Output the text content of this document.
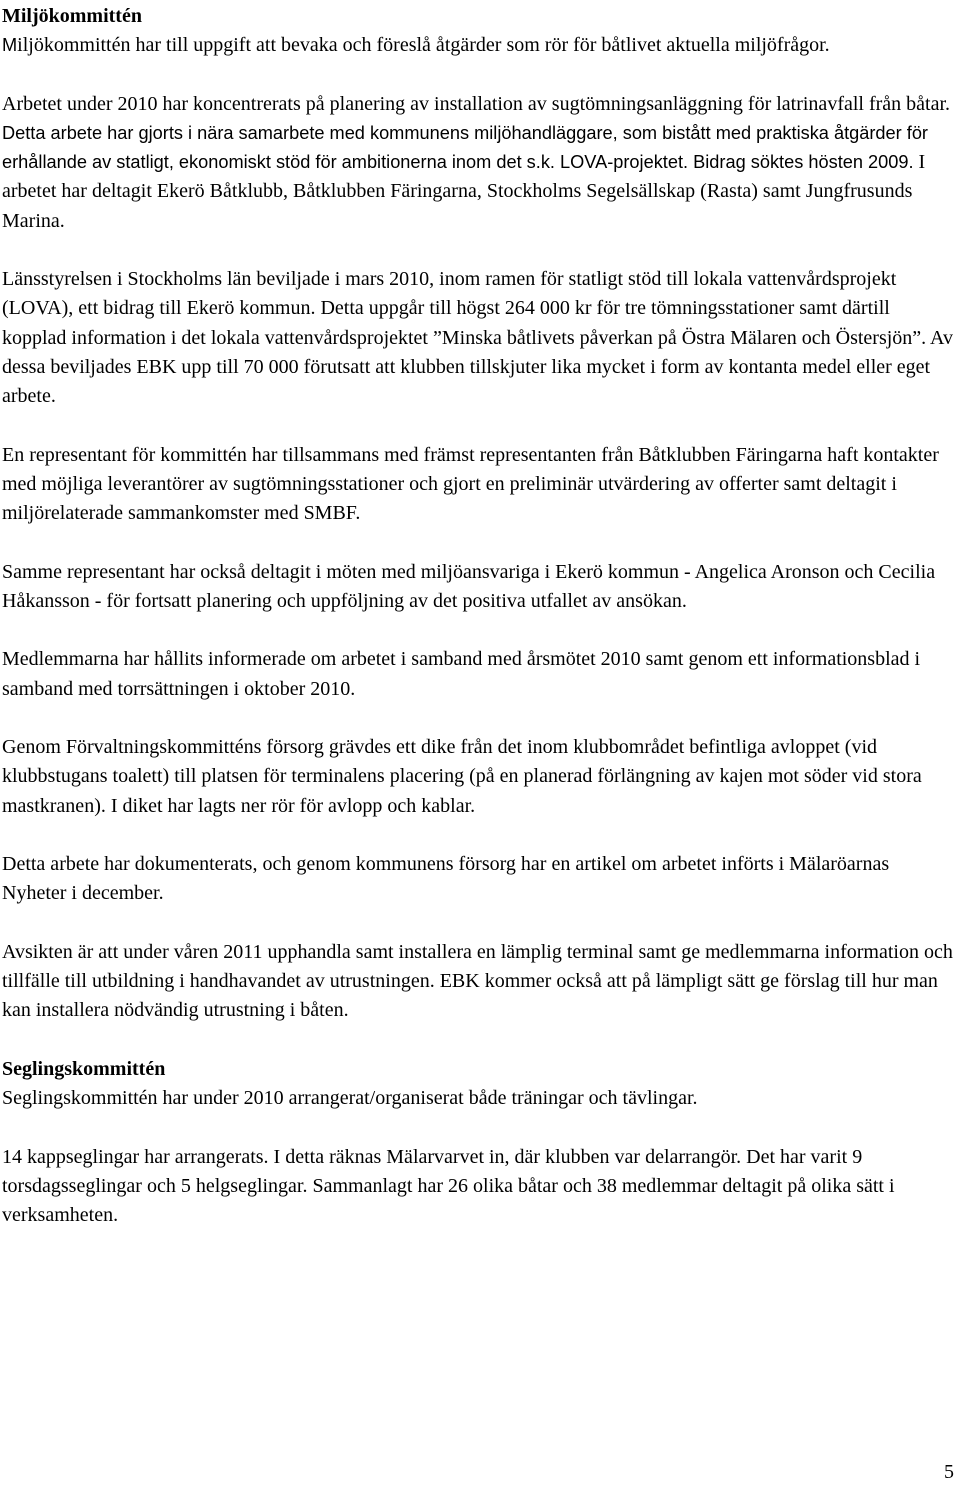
Miljökommittén

Miljökommittén har till uppgift att bevaka och föreslå åtgärder som rör för båtlivet aktuella miljöfrågor.

Arbetet under 2010 har koncentrerats på planering av installation av sugtömningsanläggning för latrinavfall från båtar. Detta arbete har gjorts i nära samarbete med kommunens miljöhandläggare, som bistått med praktiska åtgärder för erhållande av statligt, ekonomiskt stöd för ambitionerna inom det s.k. LOVA-projektet. Bidrag söktes hösten 2009. I arbetet har deltagit Ekerö Båtklubb, Båtklubben Färingarna, Stockholms Segelsällskap (Rasta) samt Jungfrusunds Marina.

Länsstyrelsen i Stockholms län beviljade i mars 2010, inom ramen för statligt stöd till lokala vattenvårdsprojekt (LOVA), ett bidrag till Ekerö kommun. Detta uppgår till högst 264 000 kr för tre tömningsstationer samt därtill kopplad information i det lokala vattenvårdsprojektet ”Minska båtlivets påverkan på Östra Mälaren och Östersjön”. Av dessa beviljades EBK upp till 70 000 förutsatt att klubben tillskjuter lika mycket i form av kontanta medel eller eget arbete.

En representant för kommittén har tillsammans med främst representanten från Båtklubben Färingarna haft kontakter med möjliga leverantörer av sugtömningsstationer och gjort en preliminär utvärdering av offerter samt deltagit i miljörelaterade sammankomster med SMBF.

Samme representant har också deltagit i möten med miljöansvariga i Ekerö kommun - Angelica Aronson och Cecilia Håkansson - för fortsatt planering och uppföljning av det positiva utfallet av ansökan.

Medlemmarna har hållits informerade om arbetet i samband med årsmötet 2010 samt genom ett informationsblad i samband med torrsättningen i oktober 2010.

Genom Förvaltningskommitténs försorg grävdes ett dike från det inom klubbområdet befintliga avloppet (vid klubbstugans toalett) till platsen för terminalens placering (på en planerad förlängning av kajen mot söder vid stora mastkranen). I diket har lagts ner rör för avlopp och kablar.

Detta arbete har dokumenterats, och genom kommunens försorg har en artikel om arbetet införts i Mälaröarnas Nyheter i december.

Avsikten är att under våren 2011 upphandla samt installera en lämplig terminal samt ge medlemmarna information och tillfälle till utbildning i handhavandet av utrustningen. EBK kommer också att på lämpligt sätt ge förslag till hur man kan installera nödvändig utrustning i båten.

Seglingskommittén

Seglingskommittén har under 2010 arrangerat/organiserat både träningar och tävlingar.

14 kappseglingar har arrangerats. I detta räknas Mälarvarvet in, där klubben var delarrangör. Det har varit 9 torsdagsseglingar och 5 helgseglingar. Sammanlagt har 26 olika båtar och 38 medlemmar deltagit på olika sätt i verksamheten.

5
